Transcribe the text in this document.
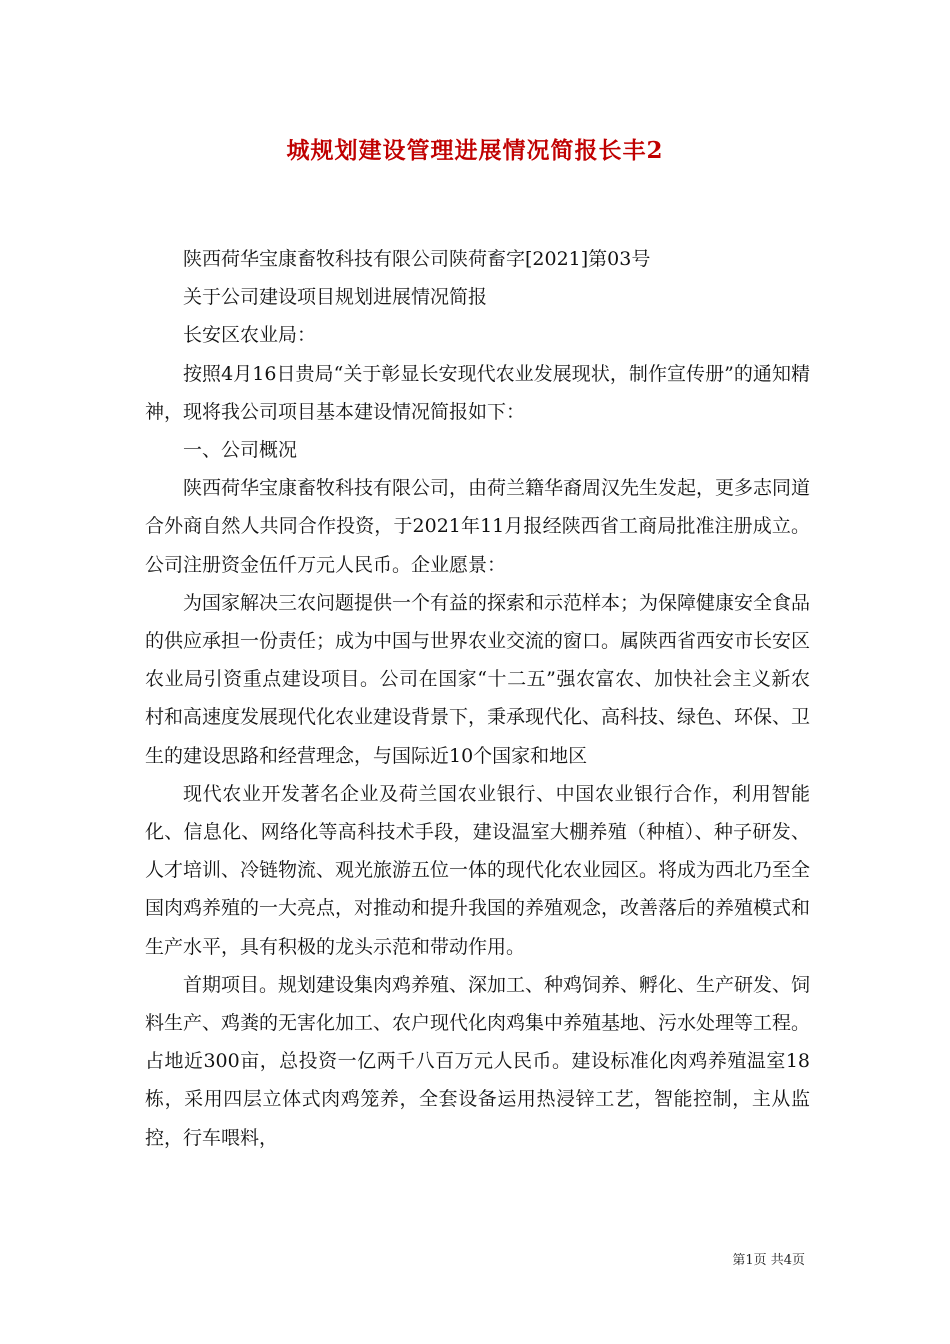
城规划建设管理进展情况简报长丰2

陕西荷华宝康畜牧科技有限公司陕荷畜字[2021]第03号

关于公司建设项目规划进展情况简报

长安区农业局：

按照4月16日贵局“关于彰显长安现代农业发展现状，制作宣传册”的通知精神，现将我公司项目基本建设情况简报如下：

一、公司概况

陕西荷华宝康畜牧科技有限公司，由荷兰籍华裔周汉先生发起，更多志同道合外商自然人共同合作投资，于2021年11月报经陕西省工商局批准注册成立。公司注册资金伍仟万元人民币。企业愿景：

为国家解决三农问题提供一个有益的探索和示范样本；为保障健康安全食品的供应承担一份责任；成为中国与世界农业交流的窗口。属陕西省西安市长安区农业局引资重点建设项目。公司在国家“十二五”强农富农、加快社会主义新农村和高速度发展现代化农业建设背景下，秉承现代化、高科技、绿色、环保、卫生的建设思路和经营理念，与国际近10个国家和地区

现代农业开发著名企业及荷兰国农业银行、中国农业银行合作，利用智能化、信息化、网络化等高科技术手段，建设温室大棚养殖（种植）、种子研发、人才培训、冷链物流、观光旅游五位一体的现代化农业园区。将成为西北乃至全国肉鸡养殖的一大亮点，对推动和提升我国的养殖观念，改善落后的养殖模式和生产水平，具有积极的龙头示范和带动作用。

首期项目。规划建设集肉鸡养殖、深加工、种鸡饲养、孵化、生产研发、饲料生产、鸡粪的无害化加工、农户现代化肉鸡集中养殖基地、污水处理等工程。占地近300亩，总投资一亿两千八百万元人民币。建设标准化肉鸡养殖温室18栋，采用四层立体式肉鸡笼养，全套设备运用热浸锌工艺，智能控制，主从监控，行车喂料，

第1页 共4页
